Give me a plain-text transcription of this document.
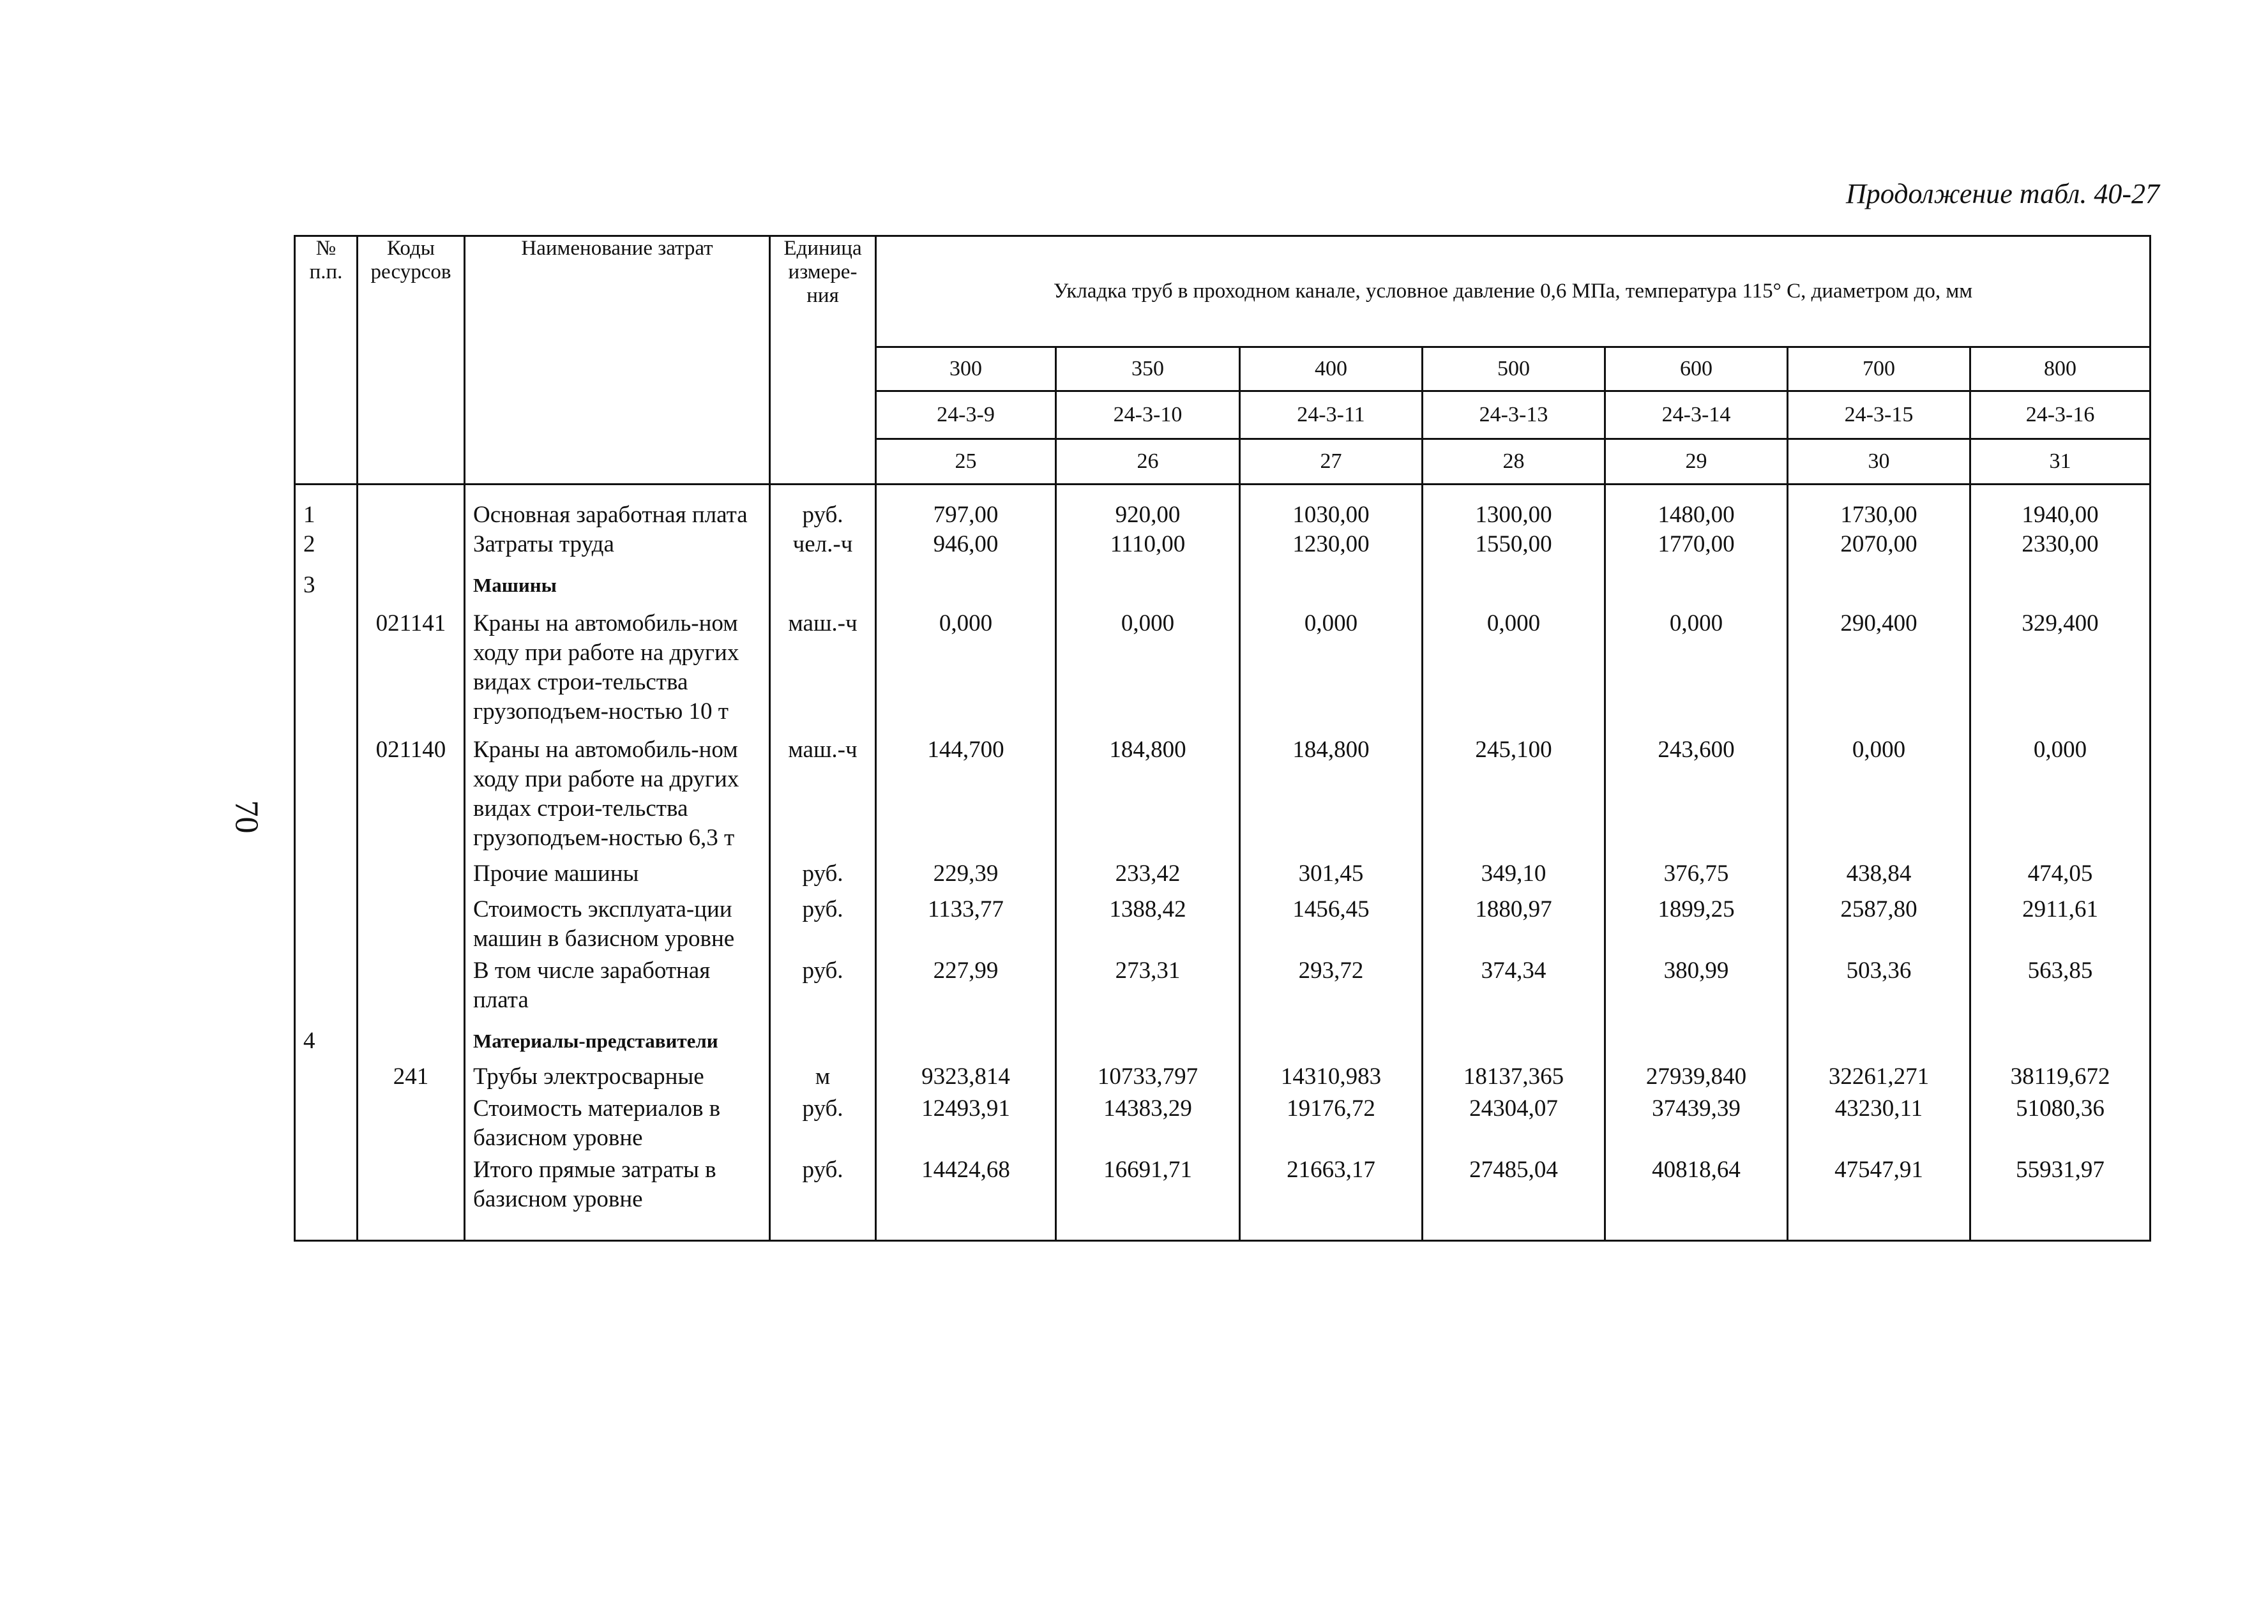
Продолжение табл. 40-27
70
№ п.п.	Коды ресурсов	Наименование затрат	Единица измере-ния	Укладка труб в проходном канале, условное давление 0,6 МПа, температура 115° С, диаметром до, мм						
				300	350	400	500	600	700	800
				24-3-9	24-3-10	24-3-11	24-3-13	24-3-14	24-3-15	24-3-16
				25	26	27	28	29	30	31
1		Основная заработная плата	руб.	797,00	920,00	1030,00	1300,00	1480,00	1730,00	1940,00
2		Затраты труда	чел.-ч	946,00	1110,00	1230,00	1550,00	1770,00	2070,00	2330,00
3		Машины								
	021141	Краны на автомобиль-ном ходу при работе на других видах строи-тельства грузоподъем-ностью 10 т	маш.-ч	0,000	0,000	0,000	0,000	0,000	290,400	329,400
	021140	Краны на автомобиль-ном ходу при работе на других видах строи-тельства грузоподъем-ностью 6,3 т	маш.-ч	144,700	184,800	184,800	245,100	243,600	0,000	0,000
		Прочие машины	руб.	229,39	233,42	301,45	349,10	376,75	438,84	474,05
		Стоимость эксплуата-ции машин в базисном уровне	руб.	1133,77	1388,42	1456,45	1880,97	1899,25	2587,80	2911,61
		В том числе заработная плата	руб.	227,99	273,31	293,72	374,34	380,99	503,36	563,85
4		Материалы-представители								
	241	Трубы электросварные	м	9323,814	10733,797	14310,983	18137,365	27939,840	32261,271	38119,672
		Стоимость материалов в базисном уровне	руб.	12493,91	14383,29	19176,72	24304,07	37439,39	43230,11	51080,36
		Итого прямые затраты в базисном уровне	руб.	14424,68	16691,71	21663,17	27485,04	40818,64	47547,91	55931,97
